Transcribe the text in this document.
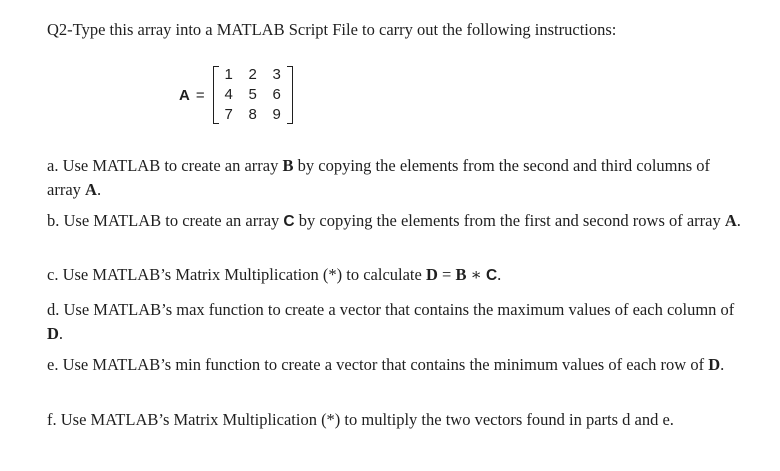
Q2-Type this array into a MATLAB Script File to carry out the following instructions:
A =
1	2	3
4	5	6
7	8	9
a. Use MATLAB to create an array B by copying the elements from the second and third columns of array A.
b. Use MATLAB to create an array C by copying the elements from the first and second rows of array A.
c. Use MATLAB’s Matrix Multiplication (*) to calculate D = B ∗ C.
d. Use MATLAB’s max function to create a vector that contains the maximum values of each column of D.
e. Use MATLAB’s min function to create a vector that contains the minimum values of each row of D.
f. Use MATLAB’s Matrix Multiplication (*) to multiply the two vectors found in parts d and e.
